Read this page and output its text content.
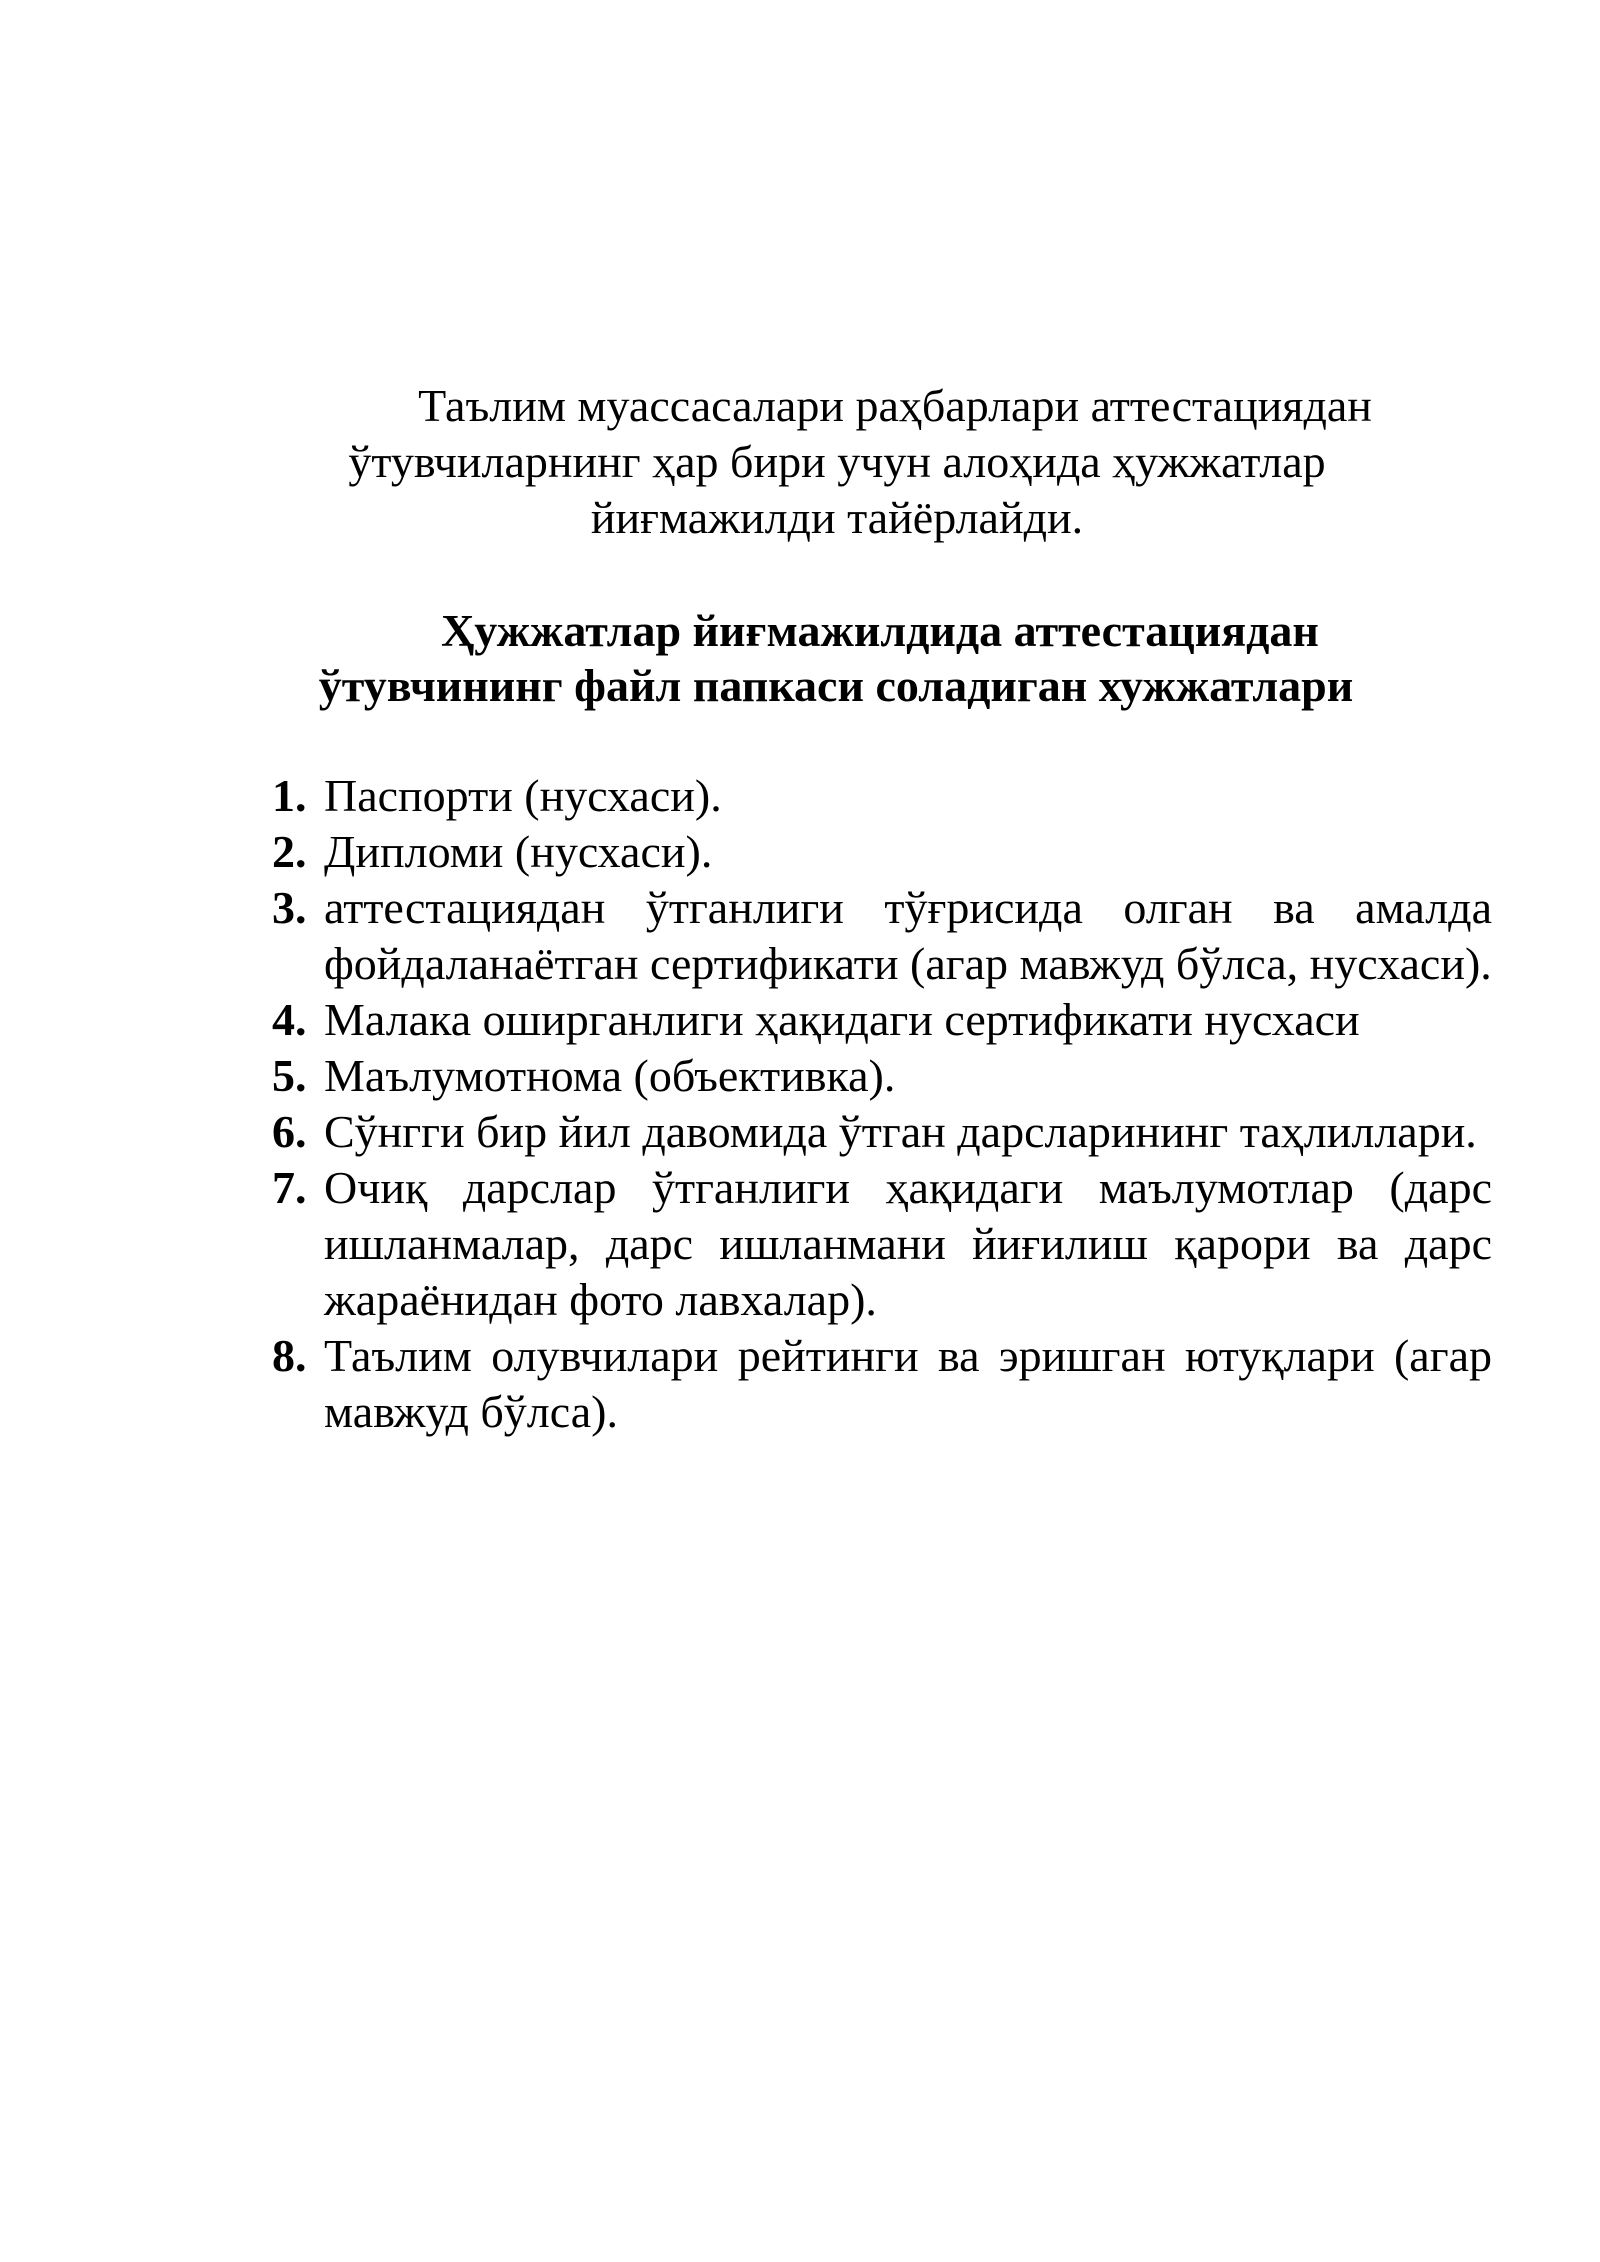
Таълим муассасалари раҳбарлари аттестациядан
ўтувчиларнинг ҳар бири учун алоҳида ҳужжатлар
йиғмажилди тайёрлайди.
Ҳужжатлар йиғмажилдида аттестациядан
ўтувчининг файл папкаси соладиган хужжатлари
1. Паспорти (нусхаси).
2. Дипломи (нусхаси).
3. аттестациядан ўтганлиги тўғрисида олган ва амалда фойдаланаётган сертификати (агар мавжуд бўлса, нусхаси).
4. Малака оширганлиги ҳақидаги сертификати нусхаси
5. Маълумотнома (объективка).
6. Сўнгги бир йил давомида ўтган дарсларининг таҳлиллари.
7. Очиқ дарслар ўтганлиги ҳақидаги маълумотлар (дарс ишланмалар, дарс ишланмани йиғилиш қарори ва дарс жараёнидан фото лавхалар).
8. Таълим олувчилари рейтинги ва эришган ютуқлари (агар мавжуд бўлса).
